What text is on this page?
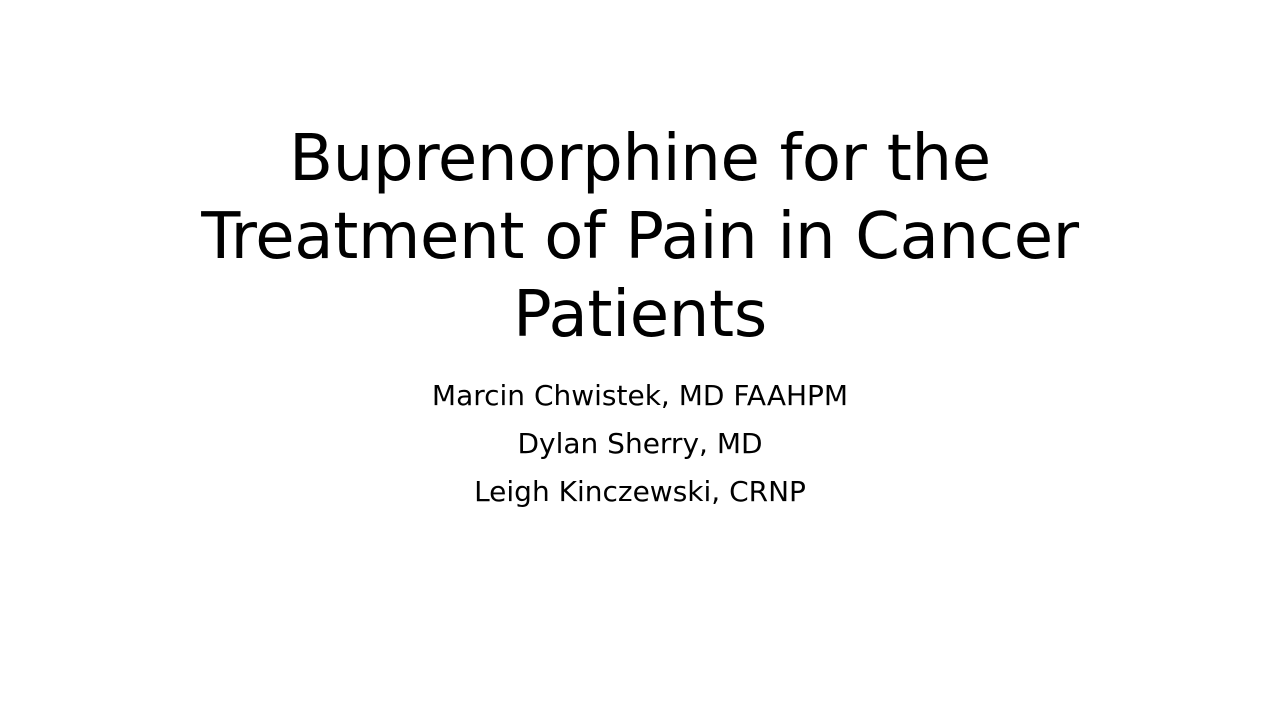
Buprenorphine for the Treatment of Pain in Cancer Patients

Marcin Chwistek, MD FAAHPM

Dylan Sherry, MD

Leigh Kinczewski, CRNP
